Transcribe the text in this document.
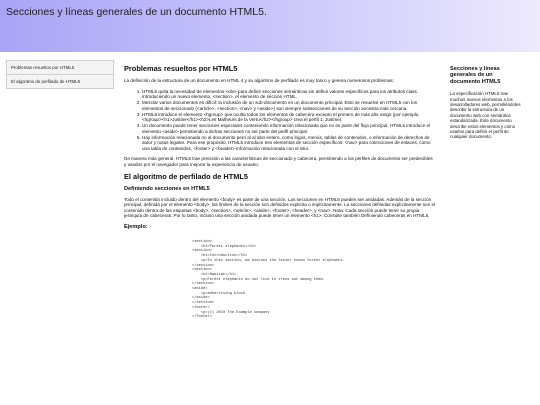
Secciones y líneas generales de un documento HTML5.
Problemas resueltos por HTML5
El algoritmo de perfilado de HTML5
Problemas resueltos por HTML5

La definición de la estructura de un documento en HTML 4 y su algoritmo de perfilado es muy tosco y genera numerosos problemas:

1. HTML5 quita la necesidad de elementos <div> para definir secciones semánticas sin definir valores específicos para los atributos class. Introduciendo un nuevo elemento, <section>, el elemento de sección HTML.
2. Mezclar varios documentos es difícil: la inclusión de un sub-documento en un documento principal. Esto se resuelve en HTML5 con los elementos de seccionado (<article>, <section>, <nav> y <aside>) son siempre subsecciones de su sección ancestra más cercana.
3. HTML5 introduce el elemento <hgroup> que oculta todos los elementos de cabecera excepto el primero de más alto rango (por ejemplo, <hgroup><h1>Justine</h1><h2>Les Malheurs de la Vertu</h2></hgroup> crea el perfil 1. Justine).
4. Un documento puede tener secciones especiales conteniendo información relacionada que no es parte del flujo principal. HTML5 introduce el elemento <aside> permitiendo a dichas secciones no ser parte del perfil principal.
5. Hay información relacionada no al documento pero al al sitio entero, como logos, menús, tablas de contenidos, o información de derechos de autor y notas legales. Para ese propósito, HTML5 introduce tres elementos de sección específicos: <nav> para colecciones de enlaces, como una tabla de contenidos, <footer> y <header> información relacionada con el sitio.

De manera más general, HTML5 trae precisión a las características de seccionado y cabecera, permitiendo a los perfiles de documento ser predecibles y usados por el navegador para mejorar la experiencia de usuario.

El algoritmo de perfilado de HTML5
Definiendo secciones en HTML5

Todo el contenido incluido dentro del elemento <body> es parte de una sección. Las secciones en HTML5 pueden ser anidadas. Además de la sección principal, definida por el elemento <body>, los límites de la sección son definidos explícita o implícitamente. La secciones definidas explícitamente son el contenido dentro de las etiquetas <body>, <section>, <article>, <aside>, <footer>, <header>, y <nav>. Nota: Cada sección puede tener su propia jerarquía de cabeceras. Por lo tanto, incluso una sección anidada puede tener un elemento <h1>. Consulte también Definiendo cabeceras en HTML5.

Ejemplo:
<section>
<h1>Forest elephants</h1>
<section>
<h1>Introduction</h1>
<p>In this section, we discuss the lesser known forest elephants.
</section>
<section>
<h1>Habitat</h1>
<p>Forest elephants do not live in trees but among them.
</section>
<aside>
<p>advertising block
</aside>
</section>
<footer>
<p>(c) 2010 The Example company
</footer>
Secciones y líneas generales de un documento HTML5
La especificación HTML5 trae muchos nuevos elementos a los desarrolladores web, permitiéndoles describir la estructura de un documento web con semántica estandarizada. Este documento describe estos elementos y cómo usarlos para definir el perfil de cualquier documento.
